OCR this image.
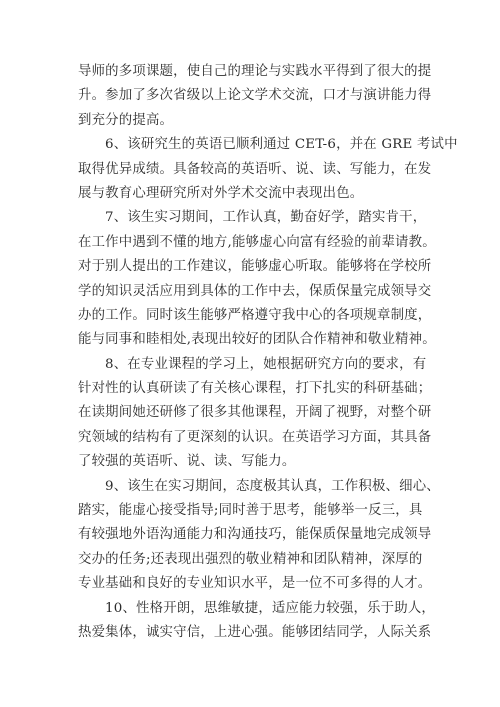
导师的多项课题，使自己的理论与实践水平得到了很大的提
升。参加了多次省级以上论文学术交流，口才与演讲能力得
到充分的提高。
6、该研究生的英语已顺利通过 CET-6，并在 GRE 考试中
取得优异成绩。具备较高的英语听、说、读、写能力，在发
展与教育心理研究所对外学术交流中表现出色。
7、该生实习期间，工作认真，勤奋好学，踏实肯干，
在工作中遇到不懂的地方,能够虚心向富有经验的前辈请教。
对于别人提出的工作建议，能够虚心听取。能够将在学校所
学的知识灵活应用到具体的工作中去，保质保量完成领导交
办的工作。同时该生能够严格遵守我中心的各项规章制度，
能与同事和睦相处,表现出较好的团队合作精神和敬业精神。
8、在专业课程的学习上，她根据研究方向的要求，有
针对性的认真研读了有关核心课程，打下扎实的科研基础；
在读期间她还研修了很多其他课程，开阔了视野，对整个研
究领域的结构有了更深刻的认识。在英语学习方面，其具备
了较强的英语听、说、读、写能力。
9、该生在实习期间，态度极其认真，工作积极、细心、
踏实，能虚心接受指导;同时善于思考，能够举一反三，具
有较强地外语沟通能力和沟通技巧，能保质保量地完成领导
交办的任务;还表现出强烈的敬业精神和团队精神，深厚的
专业基础和良好的专业知识水平，是一位不可多得的人才。
10、性格开朗，思维敏捷，适应能力较强，乐于助人，
热爱集体，诚实守信，上进心强。能够团结同学，人际关系
